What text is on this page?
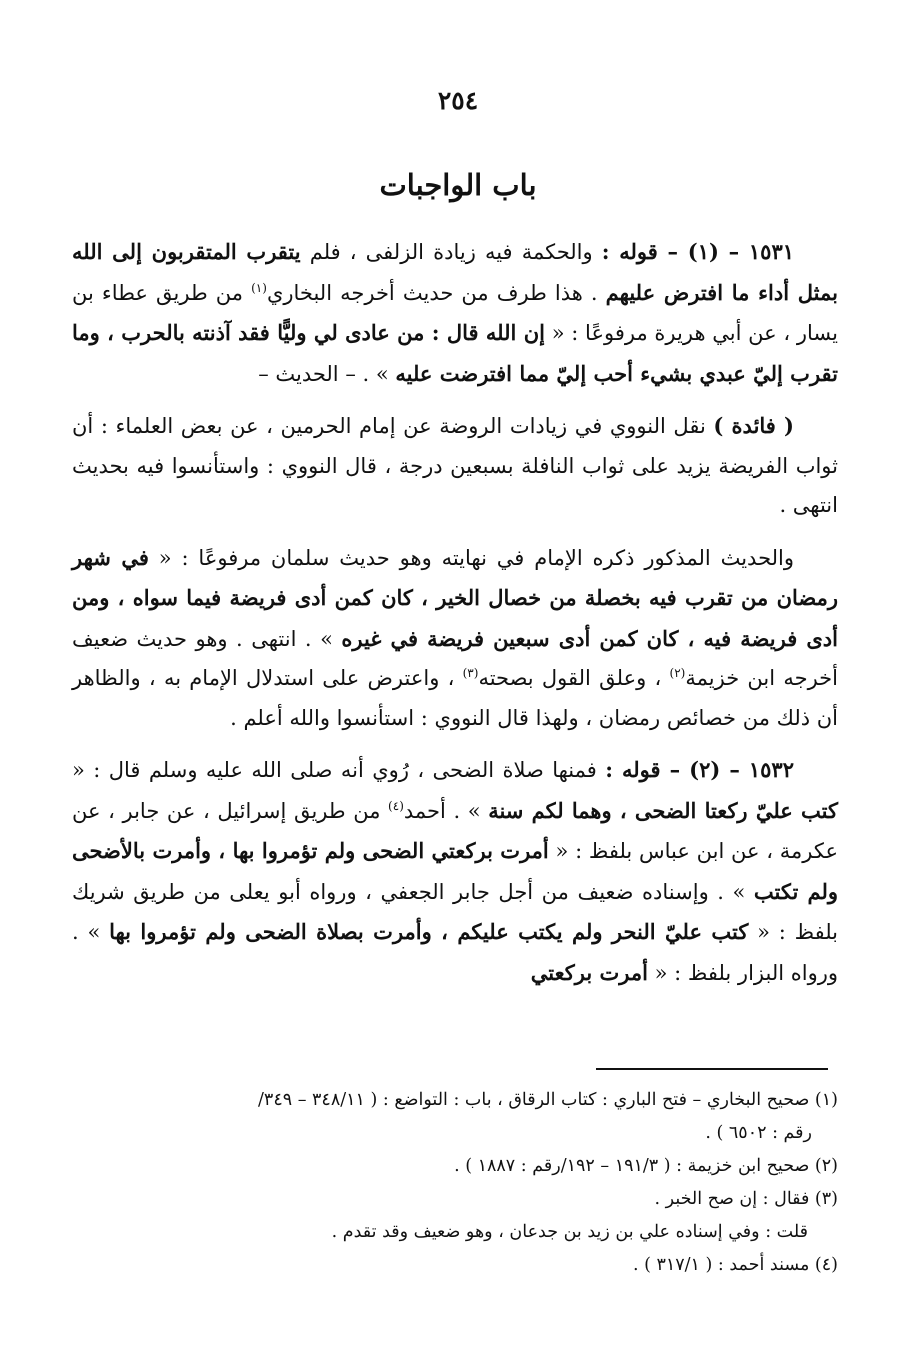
٢٥٤
باب الواجبات

١٥٣١ – (١) – قوله : والحكمة فيه زيادة الزلفى ، فلم يتقرب المتقربون إلى الله بمثل أداء ما افترض عليهم . هذا طرف من حديث أخرجه البخاري$^{(١)}$ من طريق عطاء بن يسار ، عن أبي هريرة مرفوعًا : « إن الله قال : من عادى لي وليًّا فقد آذنته بالحرب ، وما تقرب إليّ عبدي بشيء أحب إليّ مما افترضت عليه » . – الحديث –

( فائدة ) نقل النووي في زيادات الروضة عن إمام الحرمين ، عن بعض العلماء : أن ثواب الفريضة يزيد على ثواب النافلة بسبعين درجة ، قال النووي : واستأنسوا فيه بحديث انتهى .

والحديث المذكور ذكره الإمام في نهايته وهو حديث سلمان مرفوعًا : « في شهر رمضان من تقرب فيه بخصلة من خصال الخير ، كان كمن أدى فريضة فيما سواه ، ومن أدى فريضة فيه ، كان كمن أدى سبعين فريضة في غيره » . انتهى . وهو حديث ضعيف أخرجه ابن خزيمة$^{(٢)}$ ، وعلق القول بصحته$^{(٣)}$ ، واعترض على استدلال الإمام به ، والظاهر أن ذلك من خصائص رمضان ، ولهذا قال النووي : استأنسوا والله أعلم .

١٥٣٢ – (٢) – قوله : فمنها صلاة الضحى ، رُوي أنه صلى الله عليه وسلم قال : « كتب عليّ ركعتا الضحى ، وهما لكم سنة » . أحمد$^{(٤)}$ من طريق إسرائيل ، عن جابر ، عن عكرمة ، عن ابن عباس بلفظ : « أمرت بركعتي الضحى ولم تؤمروا بها ، وأمرت بالأضحى ولم تكتب » . وإسناده ضعيف من أجل جابر الجعفي ، ورواه أبو يعلى من طريق شريك بلفظ : « كتب عليّ النحر ولم يكتب عليكم ، وأمرت بصلاة الضحى ولم تؤمروا بها » . ورواه البزار بلفظ : « أمرت بركعتي

(١) صحيح البخاري – فتح الباري : كتاب الرقاق ، باب : التواضع : ( ٣٤٨/١١ – ٣٤٩/
رقم : ٦٥٠٢ ) .
(٢) صحيح ابن خزيمة : ( ١٩١/٣ – ١٩٢/رقم : ١٨٨٧ ) .
(٣) فقال : إن صح الخبر .
قلت : وفي إسناده علي بن زيد بن جدعان ، وهو ضعيف وقد تقدم .
(٤) مسند أحمد : ( ٣١٧/١ ) .
